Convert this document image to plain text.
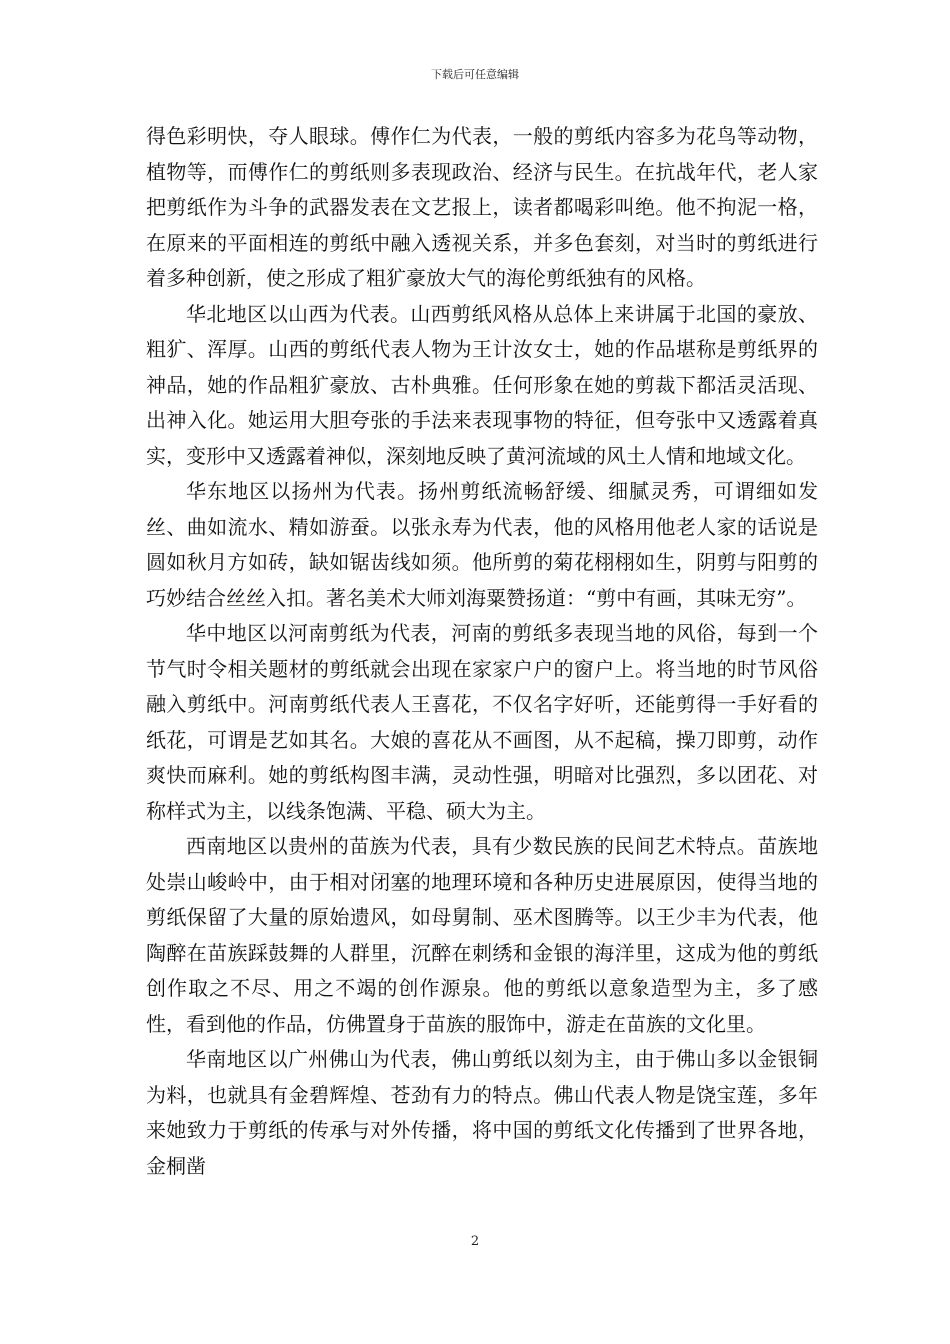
下载后可任意编辑

得色彩明快，夺人眼球。傅作仁为代表，一般的剪纸内容多为花鸟等动物，植物等，而傅作仁的剪纸则多表现政治、经济与民生。在抗战年代，老人家把剪纸作为斗争的武器发表在文艺报上，读者都喝彩叫绝。他不拘泥一格，在原来的平面相连的剪纸中融入透视关系，并多色套刻，对当时的剪纸进行着多种创新，使之形成了粗犷豪放大气的海伦剪纸独有的风格。

华北地区以山西为代表。山西剪纸风格从总体上来讲属于北国的豪放、粗犷、浑厚。山西的剪纸代表人物为王计汝女士，她的作品堪称是剪纸界的神品，她的作品粗犷豪放、古朴典雅。任何形象在她的剪裁下都活灵活现、出神入化。她运用大胆夸张的手法来表现事物的特征，但夸张中又透露着真实，变形中又透露着神似，深刻地反映了黄河流域的风土人情和地域文化。

华东地区以扬州为代表。扬州剪纸流畅舒缓、细腻灵秀，可谓细如发丝、曲如流水、精如游蚕。以张永寿为代表，他的风格用他老人家的话说是圆如秋月方如砖，缺如锯齿线如须。他所剪的菊花栩栩如生，阴剪与阳剪的巧妙结合丝丝入扣。著名美术大师刘海粟赞扬道：“剪中有画，其味无穷”。

华中地区以河南剪纸为代表，河南的剪纸多表现当地的风俗，每到一个节气时令相关题材的剪纸就会出现在家家户户的窗户上。将当地的时节风俗融入剪纸中。河南剪纸代表人王喜花，不仅名字好听，还能剪得一手好看的纸花，可谓是艺如其名。大娘的喜花从不画图，从不起稿，操刀即剪，动作爽快而麻利。她的剪纸构图丰满，灵动性强，明暗对比强烈，多以团花、对称样式为主，以线条饱满、平稳、硕大为主。

西南地区以贵州的苗族为代表，具有少数民族的民间艺术特点。苗族地处崇山峻岭中，由于相对闭塞的地理环境和各种历史进展原因，使得当地的剪纸保留了大量的原始遗风，如母舅制、巫术图腾等。以王少丰为代表，他陶醉在苗族踩鼓舞的人群里，沉醉在刺绣和金银的海洋里，这成为他的剪纸创作取之不尽、用之不竭的创作源泉。他的剪纸以意象造型为主，多了感性，看到他的作品，仿佛置身于苗族的服饰中，游走在苗族的文化里。

华南地区以广州佛山为代表，佛山剪纸以刻为主，由于佛山多以金银铜为料，也就具有金碧辉煌、苍劲有力的特点。佛山代表人物是饶宝莲，多年来她致力于剪纸的传承与对外传播，将中国的剪纸文化传播到了世界各地，金桐凿

2
